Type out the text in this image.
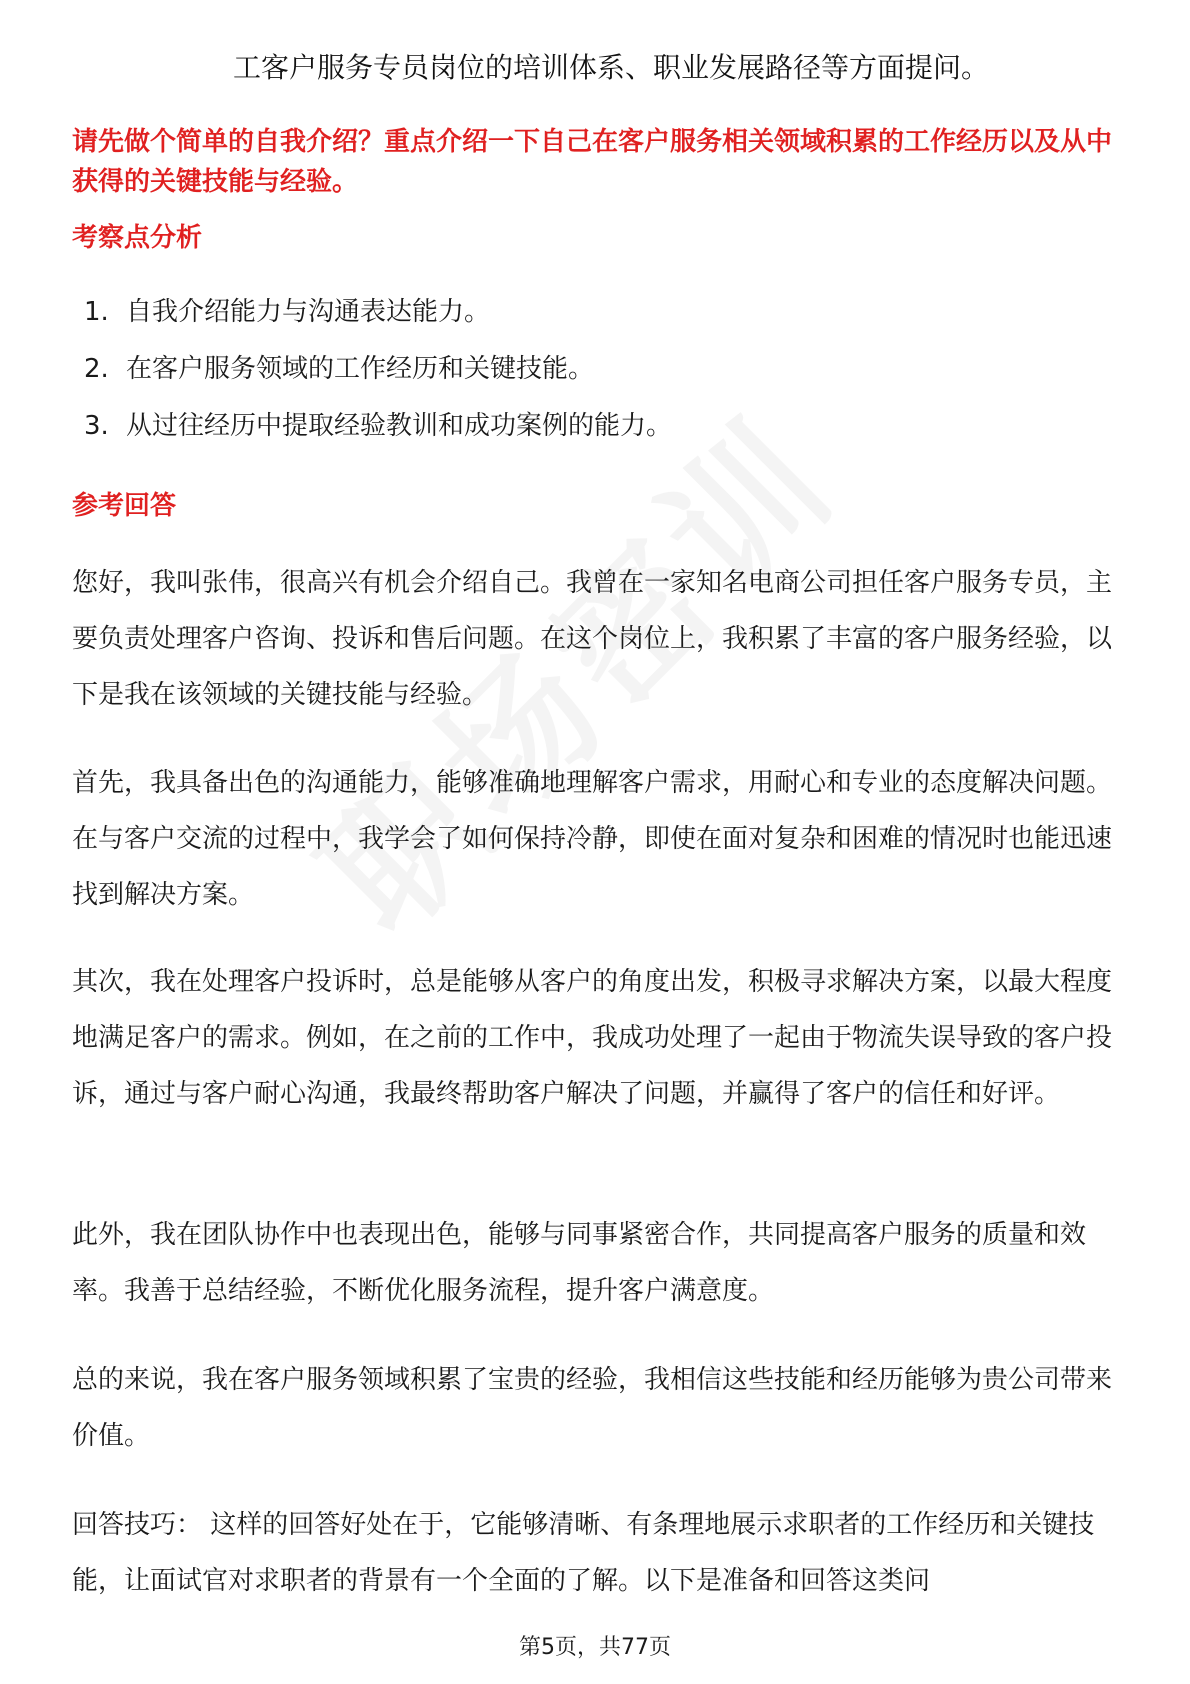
工客户服务专员岗位的培训体系、职业发展路径等方面提问。
请先做个简单的自我介绍？重点介绍一下自己在客户服务相关领域积累的工作经历以及从中获得的关键技能与经验。
考察点分析
1. 自我介绍能力与沟通表达能力。
2. 在客户服务领域的工作经历和关键技能。
3. 从过往经历中提取经验教训和成功案例的能力。
参考回答
您好，我叫张伟，很高兴有机会介绍自己。我曾在一家知名电商公司担任客户服务专员，主要负责处理客户咨询、投诉和售后问题。在这个岗位上，我积累了丰富的客户服务经验，以下是我在该领域的关键技能与经验。
首先，我具备出色的沟通能力，能够准确地理解客户需求，用耐心和专业的态度解决问题。在与客户交流的过程中，我学会了如何保持冷静，即使在面对复杂和困难的情况时也能迅速找到解决方案。
其次，我在处理客户投诉时，总是能够从客户的角度出发，积极寻求解决方案，以最大程度地满足客户的需求。例如，在之前的工作中，我成功处理了一起由于物流失误导致的客户投诉，通过与客户耐心沟通，我最终帮助客户解决了问题，并赢得了客户的信任和好评。
此外，我在团队协作中也表现出色，能够与同事紧密合作，共同提高客户服务的质量和效率。我善于总结经验，不断优化服务流程，提升客户满意度。
总的来说，我在客户服务领域积累了宝贵的经验，我相信这些技能和经历能够为贵公司带来价值。
回答技巧： 这样的回答好处在于，它能够清晰、有条理地展示求职者的工作经历和关键技能，让面试官对求职者的背景有一个全面的了解。以下是准备和回答这类问
第5页，共77页
